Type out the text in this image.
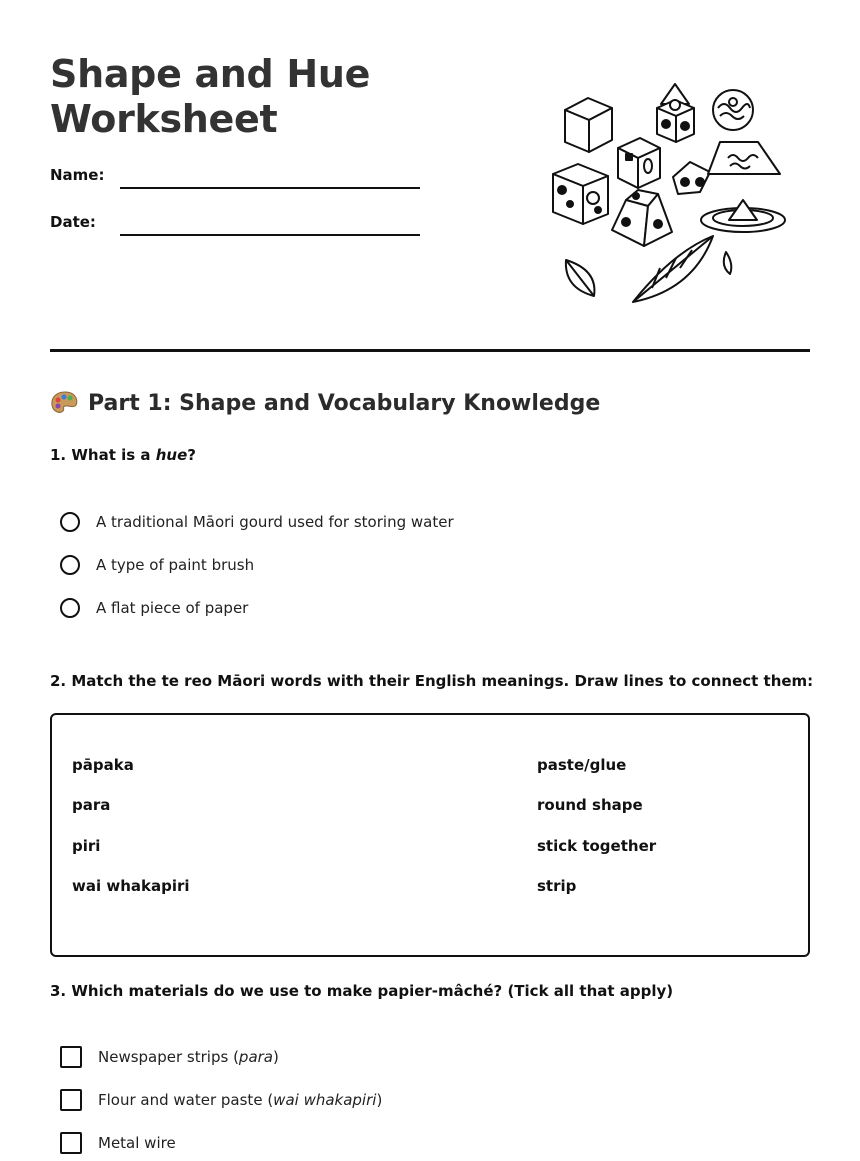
Shape and Hue
Worksheet
Name:
Date:
Part 1: Shape and Vocabulary Knowledge

1. What is a hue?

A traditional Māori gourd used for storing water
A type of paint brush
A flat piece of paper

2. Match the te reo Māori words with their English meanings. Draw lines to connect them:

pāpaka
para
piri
wai whakapiri
paste/glue
round shape
stick together
strip

3. Which materials do we use to make papier-mâché? (Tick all that apply)

Newspaper strips (para)
Flour and water paste (wai whakapiri)
Metal wire
